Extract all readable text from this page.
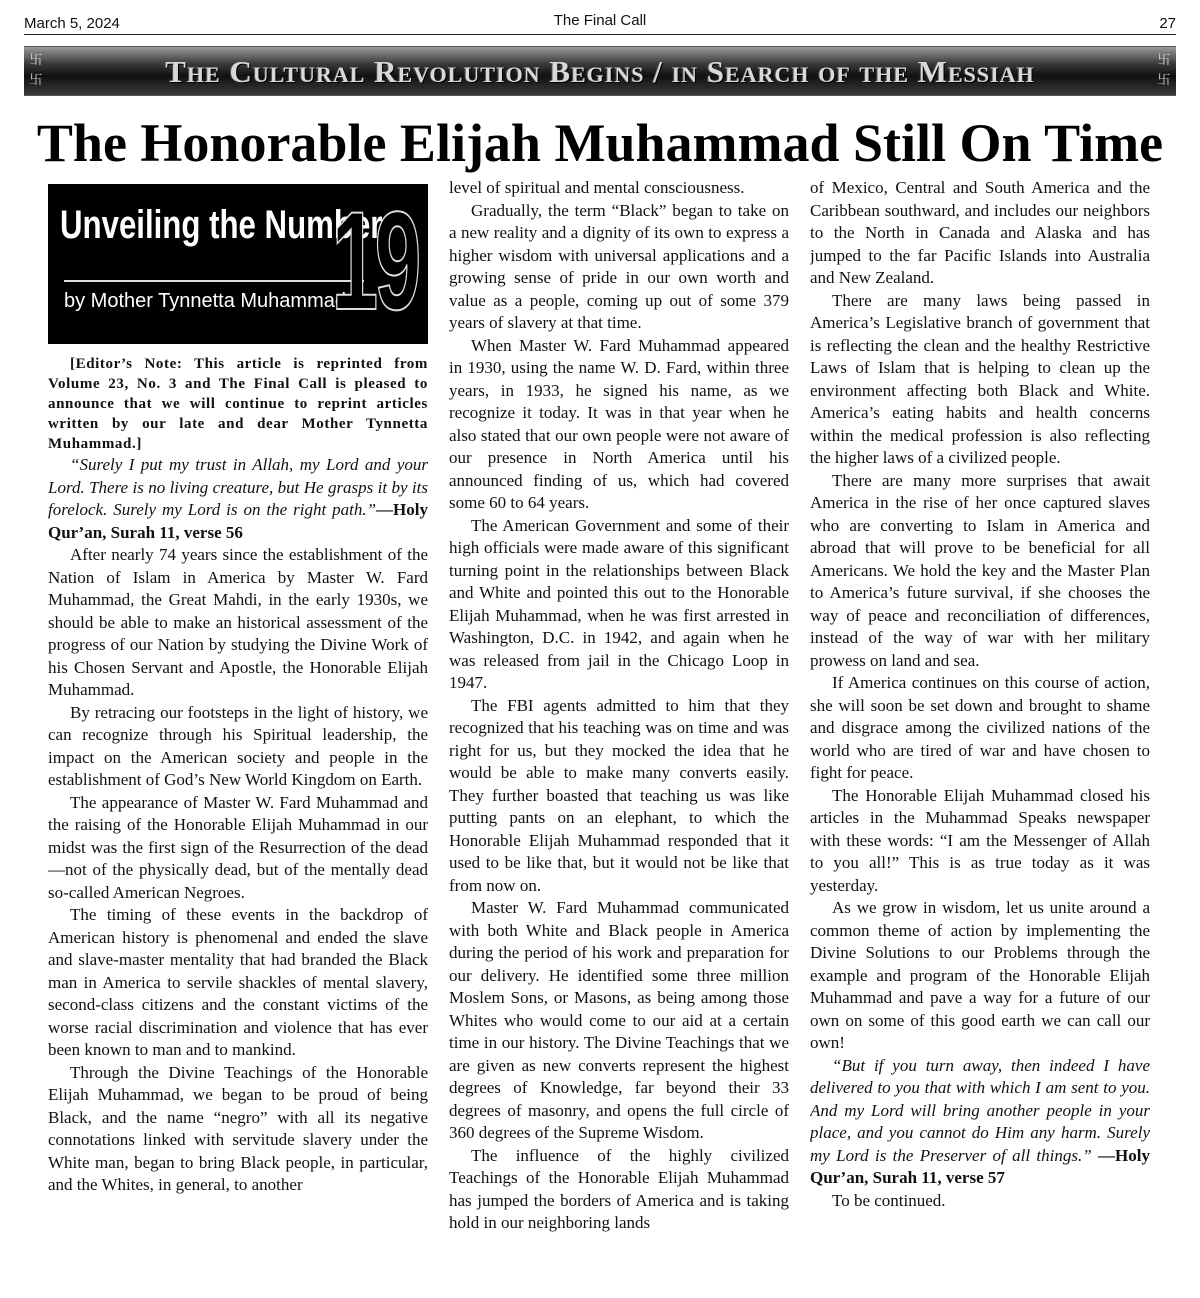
March 5, 2024	The Final Call	27
卐
卐	The Cultural Revolution Begins / in Search of the Messiah	卐
卐
The Honorable Elijah Muhammad Still On Time
Unveiling the Number
by Mother Tynnetta Muhammad
19

[Editor’s Note: This article is reprinted from Volume 23, No. 3 and The Final Call is pleased to announce that we will continue to reprint articles written by our late and dear Mother Tynnetta Muhammad.]

“Surely I put my trust in Allah, my Lord and your Lord. There is no living creature, but He grasps it by its forelock. Surely my Lord is on the right path.”—Holy Qur’an, Surah 11, verse 56

After nearly 74 years since the establishment of the Nation of Islam in America by Master W. Fard Muhammad, the Great Mahdi, in the early 1930s, we should be able to make an historical assessment of the progress of our Nation by studying the Divine Work of his Chosen Servant and Apostle, the Honorable Elijah Muhammad.

By retracing our footsteps in the light of history, we can recognize through his Spiritual leadership, the impact on the American society and people in the establishment of God’s New World Kingdom on Earth.

The appearance of Master W. Fard Muhammad and the raising of the Honorable Elijah Muhammad in our midst was the first sign of the Resurrection of the dead—not of the physically dead, but of the mentally dead so-called American Negroes.

The timing of these events in the backdrop of American history is phenomenal and ended the slave and slave-master mentality that had branded the Black man in America to servile shackles of mental slavery, second-class citizens and the constant victims of the worse racial discrimination and violence that has ever been known to man and to mankind.

Through the Divine Teachings of the Honorable Elijah Muhammad, we began to be proud of being Black, and the name “negro” with all its negative connotations linked with servitude slavery under the White man, began to bring Black people, in particular, and the Whites, in general, to another

level of spiritual and mental consciousness.

Gradually, the term “Black” began to take on a new reality and a dignity of its own to express a higher wisdom with universal applications and a growing sense of pride in our own worth and value as a people, coming up out of some 379 years of slavery at that time.

When Master W. Fard Muhammad appeared in 1930, using the name W. D. Fard, within three years, in 1933, he signed his name, as we recognize it today. It was in that year when he also stated that our own people were not aware of our presence in North America until his announced finding of us, which had covered some 60 to 64 years.

The American Government and some of their high officials were made aware of this significant turning point in the relationships between Black and White and pointed this out to the Honorable Elijah Muhammad, when he was first arrested in Washington, D.C. in 1942, and again when he was released from jail in the Chicago Loop in 1947.

The FBI agents admitted to him that they recognized that his teaching was on time and was right for us, but they mocked the idea that he would be able to make many converts easily. They further boasted that teaching us was like putting pants on an elephant, to which the Honorable Elijah Muhammad responded that it used to be like that, but it would not be like that from now on.

Master W. Fard Muhammad communicated with both White and Black people in America during the period of his work and preparation for our delivery. He identified some three million Moslem Sons, or Masons, as being among those Whites who would come to our aid at a certain time in our history. The Divine Teachings that we are given as new converts represent the highest degrees of Knowledge, far beyond their 33 degrees of masonry, and opens the full circle of 360 degrees of the Supreme Wisdom.

The influence of the highly civilized Teachings of the Honorable Elijah Muhammad has jumped the borders of America and is taking hold in our neighboring lands

of Mexico, Central and South America and the Caribbean southward, and includes our neighbors to the North in Canada and Alaska and has jumped to the far Pacific Islands into Australia and New Zealand.

There are many laws being passed in America’s Legislative branch of government that is reflecting the clean and the healthy Restrictive Laws of Islam that is helping to clean up the environment affecting both Black and White. America’s eating habits and health concerns within the medical profession is also reflecting the higher laws of a civilized people.

There are many more surprises that await America in the rise of her once captured slaves who are converting to Islam in America and abroad that will prove to be beneficial for all Americans. We hold the key and the Master Plan to America’s future survival, if she chooses the way of peace and reconciliation of differences, instead of the way of war with her military prowess on land and sea.

If America continues on this course of action, she will soon be set down and brought to shame and disgrace among the civilized nations of the world who are tired of war and have chosen to fight for peace.

The Honorable Elijah Muhammad closed his articles in the Muhammad Speaks newspaper with these words: “I am the Messenger of Allah to you all!” This is as true today as it was yesterday.

As we grow in wisdom, let us unite around a common theme of action by implementing the Divine Solutions to our Problems through the example and program of the Honorable Elijah Muhammad and pave a way for a future of our own on some of this good earth we can call our own!

“But if you turn away, then indeed I have delivered to you that with which I am sent to you. And my Lord will bring another people in your place, and you cannot do Him any harm. Surely my Lord is the Preserver of all things.” —Holy Qur’an, Surah 11, verse 57

To be continued.
